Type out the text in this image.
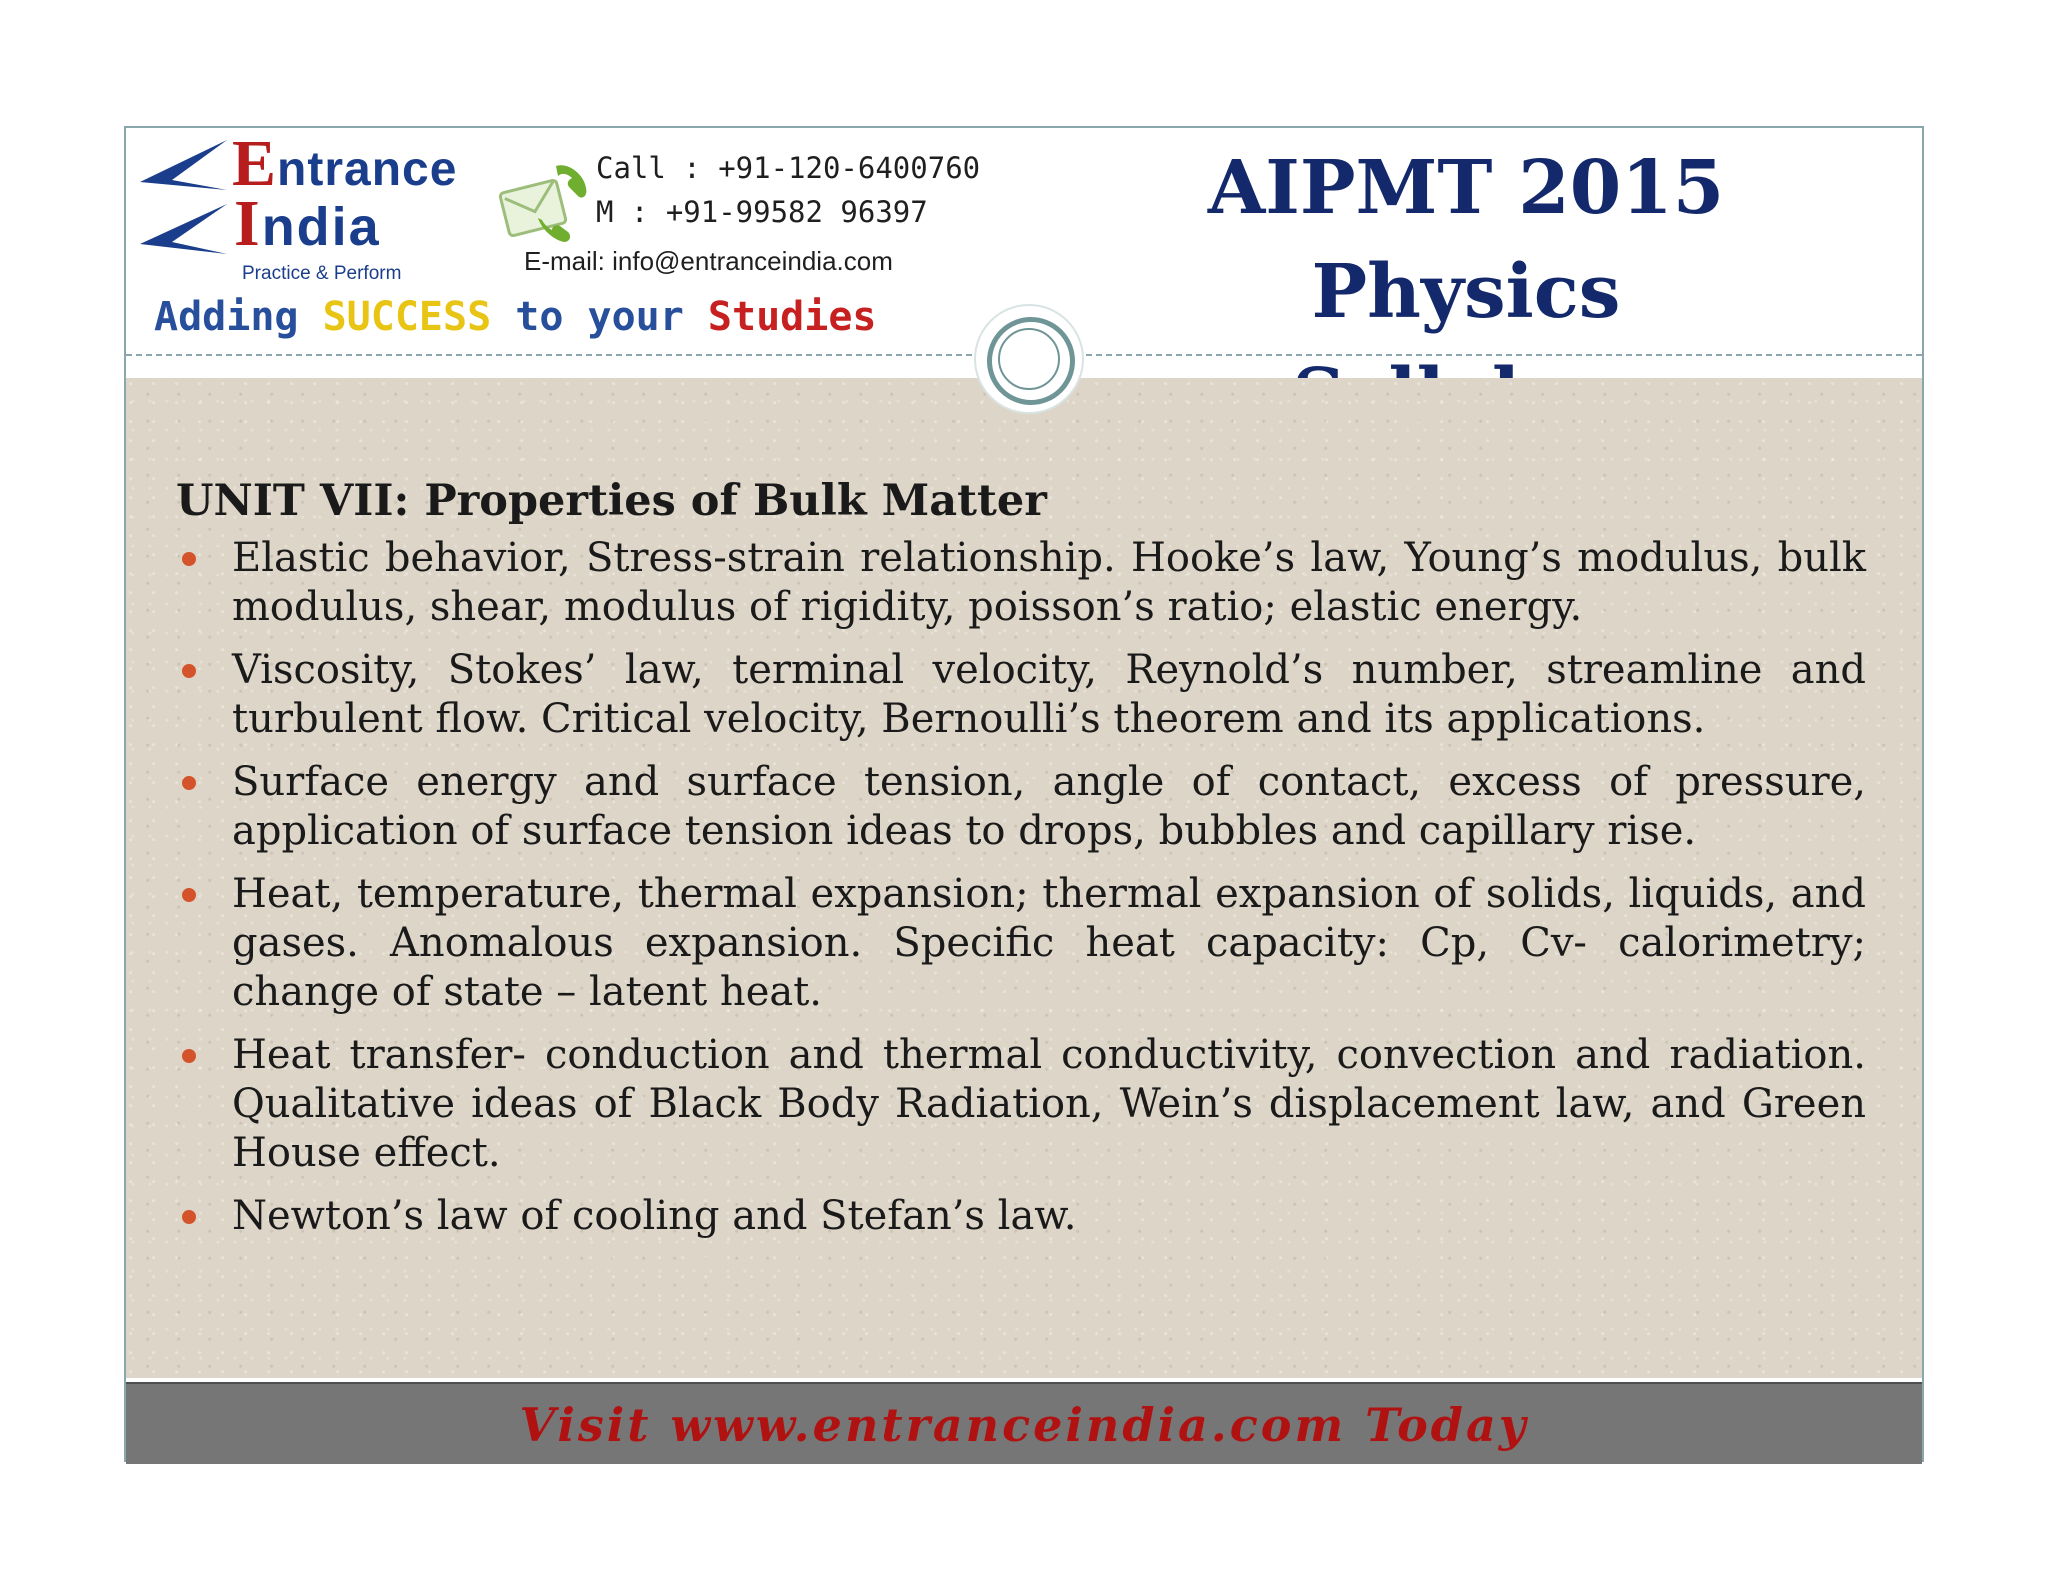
Entrance
India
Practice & Perform
Call : +91-120-6400760
M : +91-99582 96397
E-mail: info@entranceindia.com
Adding SUCCESS to your Studies
AIPMT 2015 Physics
UNIT VII: Properties of Bulk Matter
Elastic behavior, Stress-strain relationship. Hooke’s law, Young’s modulus, bulk modulus, shear, modulus of rigidity, poisson’s ratio; elastic energy.
Viscosity, Stokes’ law, terminal velocity, Reynold’s number, streamline and turbulent flow. Critical velocity, Bernoulli’s theorem and its applications.
Surface energy and surface tension, angle of contact, excess of pressure, application of surface tension ideas to drops, bubbles and capillary rise.
Heat, temperature, thermal expansion; thermal expansion of solids, liquids, and gases. Anomalous expansion. Specific heat capacity: Cp, Cv- calorimetry; change of state – latent heat.
Heat transfer- conduction and thermal conductivity, convection and radiation. Qualitative ideas of Black Body Radiation, Wein’s displacement law, and Green House effect.
Newton’s law of cooling and Stefan’s law.
Visit www.entranceindia.com Today
